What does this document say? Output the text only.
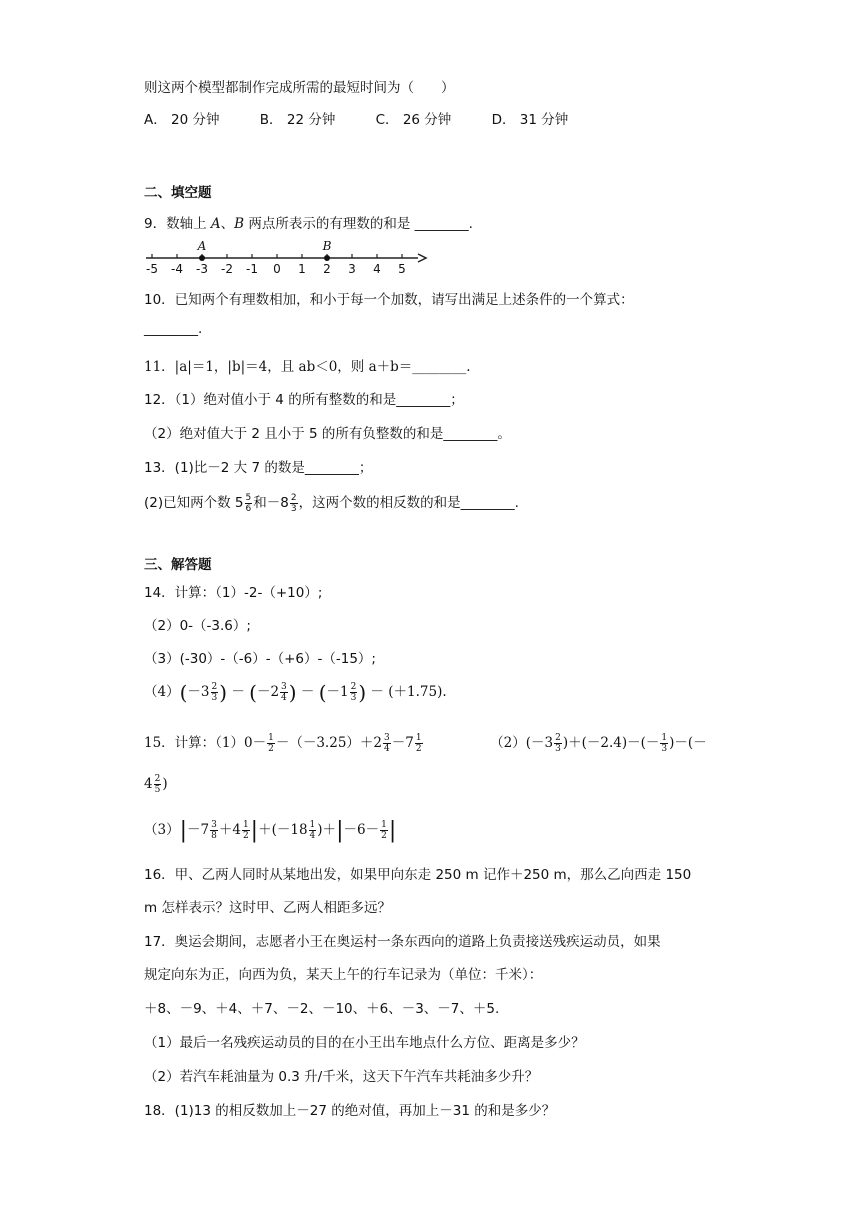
则这两个模型都制作完成所需的最短时间为（　　）
A． 20 分钟	B． 22 分钟	C． 26 分钟	D． 31 分钟
二、填空题
9．数轴上 A、B 两点所表示的有理数的和是 ________.
-5 -4 -3 -2 -1 0 1 2 3 4 5
A	B
10．已知两个有理数相加，和小于每一个加数，请写出满足上述条件的一个算式：
________.
11．|a|＝1，|b|＝4，且 ab＜0，则 a＋b＝________.
12．（1）绝对值小于 4 的所有整数的和是________；
（2）绝对值大于 2 且小于 5 的所有负整数的和是________。
13．(1)比－2 大 7 的数是________；
(2)已知两个数 $5 \frac{5}{6}$ 和$-8 \frac{2}{3}$ ，这两个数的相反数的和是________.
三、解答题
14．计算：（1）-2-（+10）;
（2）0-（-3.6）;
（3）(-30）-（-6）-（+6）-（-15）;
$(4)(-3 \frac{2}{3}$ ) － ($-2 \frac{3}{4}$ ) － ($-1 \frac{2}{3}$ ) － (＋1.75).
15．计算：$(1)0- \frac{1}{2} -(-3.25)+2 \frac{3}{4} -7 \frac{1}{2}$	$(2)(-3 \frac{2}{3} )+(-2.4)-(- \frac{1}{3}$ )－(－
$4 \frac{2}{5}$ )
$(3)|-7 \frac{3}{8} +4 \frac{1}{2} |+(-18 \frac{1}{4} )+|-6- \frac{1}{2}$ |
16．甲、乙两人同时从某地出发，如果甲向东走 250 m 记作＋250 m，那么乙向西走 150
m 怎样表示？这时甲、乙两人相距多远？
17．奥运会期间，志愿者小王在奥运村一条东西向的道路上负责接送残疾运动员，如果
规定向东为正，向西为负，某天上午的行车记录为（单位：千米）：
＋8、－9、＋4、＋7、－2、－10、＋6、－3、－7、＋5.
（1）最后一名残疾运动员的目的在小王出车地点什么方位、距离是多少？
（2）若汽车耗油量为 0.3 升/千米，这天下午汽车共耗油多少升？
18．(1)13 的相反数加上－27 的绝对值，再加上－31 的和是多少？
